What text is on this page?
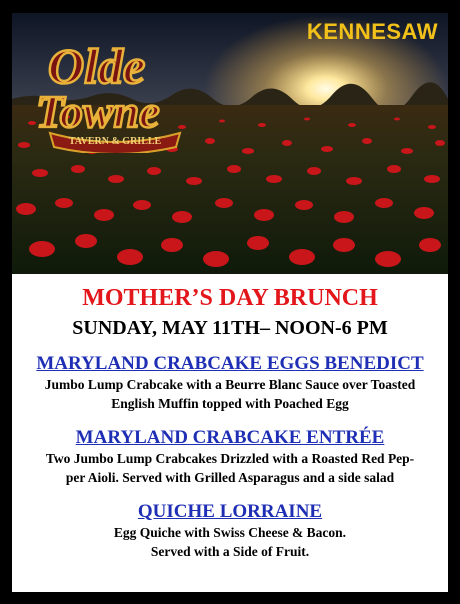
TAVERN & GRILLE
Olde
Towne
KENNESAW
MOTHER’S DAY BRUNCH
SUNDAY, MAY 11TH– NOON-6 PM
MARYLAND CRABCAKE EGGS BENEDICT
Jumbo Lump Crabcake with a Beurre Blanc Sauce over Toasted
English Muffin topped with Poached Egg
MARYLAND CRABCAKE ENTRÉE
Two Jumbo Lump Crabcakes Drizzled with a Roasted Red Pep-
per Aioli. Served with Grilled Asparagus and a side salad
QUICHE LORRAINE
Egg Quiche with Swiss Cheese & Bacon.
Served with a Side of Fruit.
